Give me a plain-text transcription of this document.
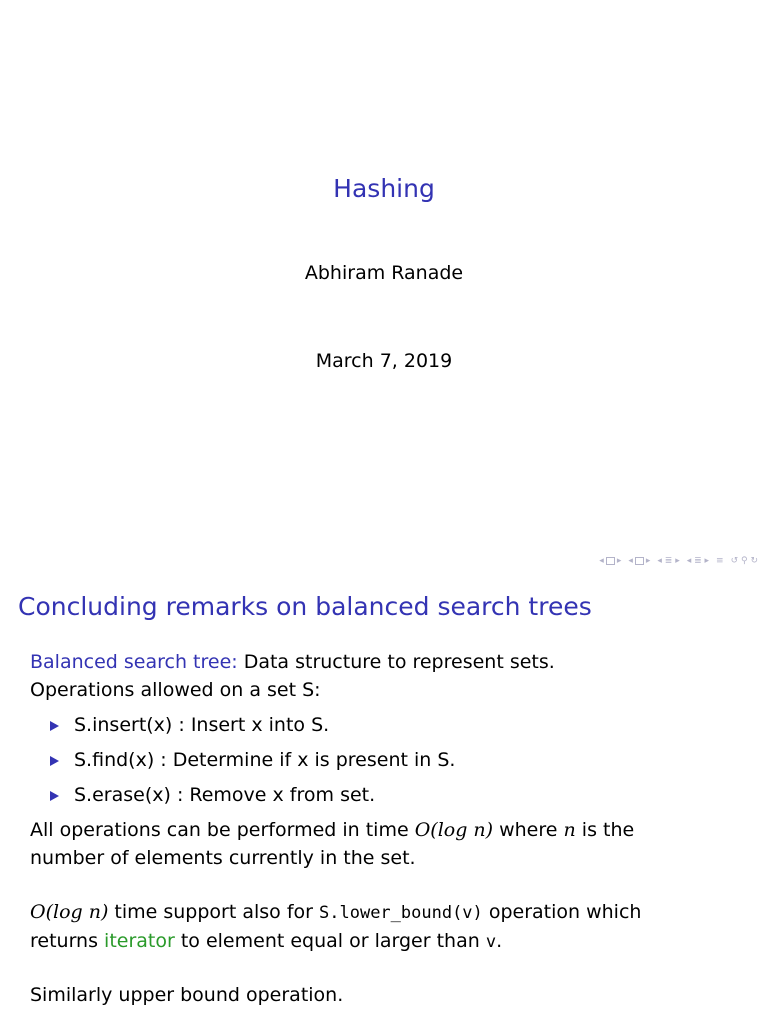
Hashing
Abhiram Ranade
March 7, 2019
◂
▸ ◂
▸ ◂ ≣ ▸ ◂ ≣ ▸ ≡ ↺ ⚲ ↻
Concluding remarks on balanced search trees
Balanced search tree: Data structure to represent sets.
Operations allowed on a set S:
S.insert(x) : Insert x into S.
S.find(x) : Determine if x is present in S.
S.erase(x) : Remove x from set.
All operations can be performed in time O(log n) where n is the
number of elements currently in the set.
O(log n) time support also for S.lower_bound(v) operation which
returns iterator to element equal or larger than v.
Similarly upper bound operation.
